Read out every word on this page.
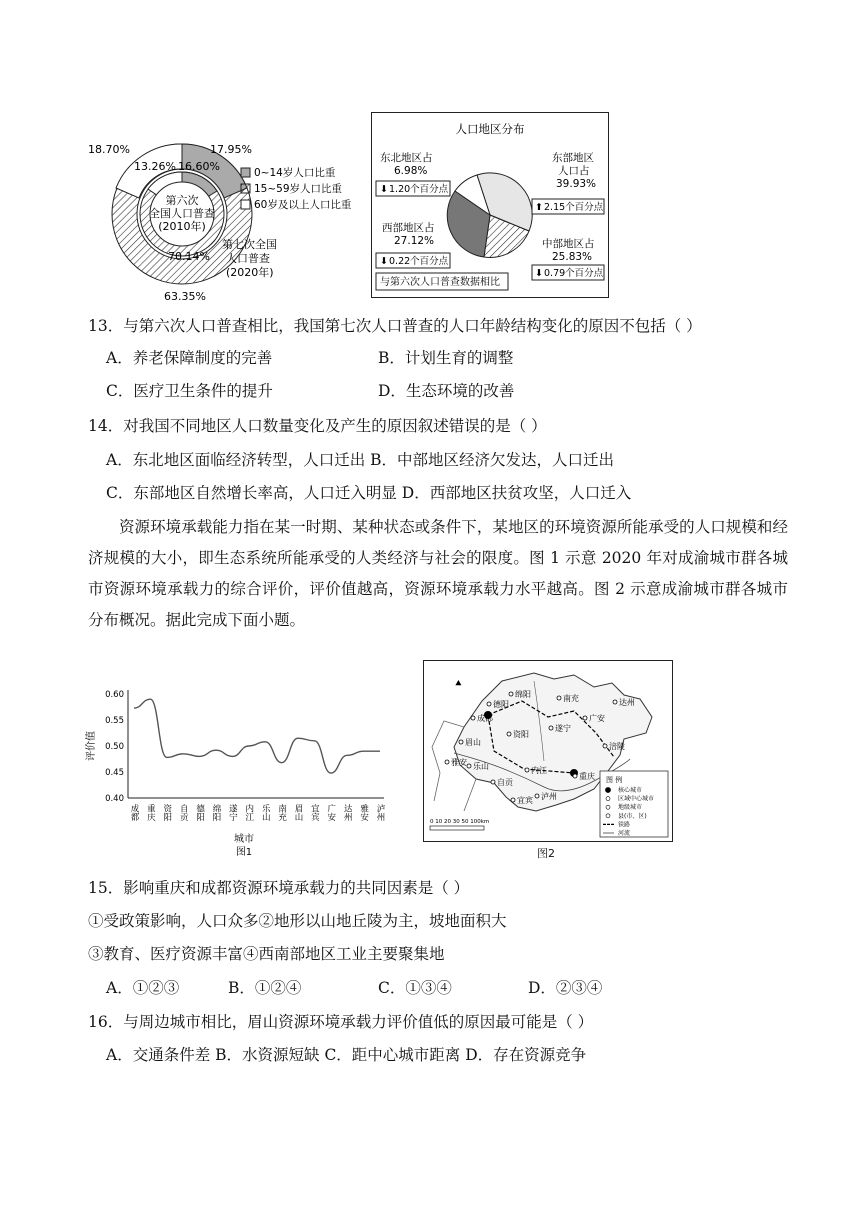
第六次
全国人口普查
(2010年)
18.70%	17.95%
63.35%
13.26% 16.60%
70.14%
第七次全国
人口普查
(2020年)
0~14岁人口比重
15~59岁人口比重
60岁及以上人口比重
人口地区分布
东北地区占
6.98%
⬇ 1.20个百分点
东部地区
人口占
39.93%
⬆ 2.15个百分点
西部地区占
27.12%
⬇ 0.22个百分点
中部地区占
25.83%
⬇ 0.79个百分点
与第六次人口普查数据相比
13．与第六次人口普查相比，我国第七次人口普查的人口年龄结构变化的原因不包括（ ）
A．养老保障制度的完善	B．计划生育的调整
C．医疗卫生条件的提升	D．生态环境的改善
14．对我国不同地区人口数量变化及产生的原因叙述错误的是（ ）
A．东北地区面临经济转型，人口迁出 B．中部地区经济欠发达，人口迁出
C．东部地区自然增长率高，人口迁入明显 D．西部地区扶贫攻坚，人口迁入
资源环境承载能力指在某一时期、某种状态或条件下，某地区的环境资源所能承受的人口规模和经济规模的大小，即生态系统所能承受的人类经济与社会的限度。图 1 示意 2020 年对成渝城市群各城市资源环境承载力的综合评价，评价值越高，资源环境承载力水平越高。图 2 示意成渝城市群各城市分布概况。据此完成下面小题。
0.40
0.45
0.50
0.55
0.60
成都 重庆 资阳 自贡 德阳 绵阳 遂宁 内江 乐山 南充 眉山 宜宾 广安 达州 雅安 泸州
评价值
城市
图1
⯅
绵阳
德阳
成都
南充	达州
广安
遂宁
资阳
眉山
雅安 乐山	内江
自贡
宜宾 泸州
重庆
涪陵
0 10 20 30 50 100km
图 例
核心城市
区域中心城市
地级城市
县(市、区)
铁路
河流
图2
15．影响重庆和成都资源环境承载力的共同因素是（ ）
①受政策影响，人口众多②地形以山地丘陵为主，坡地面积大
③教育、医疗资源丰富④西南部地区工业主要聚集地
A．①②③	B．①②④	C．①③④	D．②③④
16．与周边城市相比，眉山资源环境承载力评价值低的原因最可能是（ ）
A．交通条件差 B．水资源短缺 C．距中心城市距离 D．存在资源竞争
